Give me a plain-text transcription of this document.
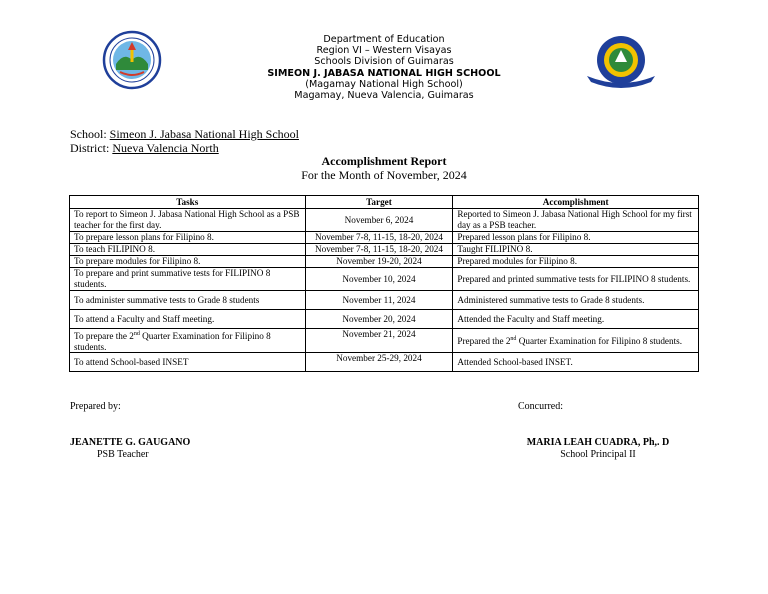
Department of Education
Region VI – Western Visayas
Schools Division of Guimaras
SIMEON J. JABASA NATIONAL HIGH SCHOOL
(Magamay National High School)
Magamay, Nueva Valencia, Guimaras
School: Simeon J. Jabasa National High School
District: Nueva Valencia North
Accomplishment Report
For the Month of November, 2024
Tasks	Target	Accomplishment
To report to Simeon J. Jabasa National High School as a PSB teacher for the first day.	November 6, 2024	Reported to Simeon J. Jabasa National High School for my first day as a PSB teacher.
To prepare lesson plans for Filipino 8.	November 7-8, 11-15, 18-20, 2024	Prepared lesson plans for Filipino 8.
To teach FILIPINO 8.	November 7-8, 11-15, 18-20, 2024	Taught FILIPINO 8.
To prepare modules for Filipino 8.	November 19-20, 2024	Prepared modules for Filipino 8.
To prepare and print summative tests for FILIPINO 8 students.	November 10, 2024	Prepared and printed summative tests for FILIPINO 8 students.
To administer summative tests to Grade 8 students	November 11, 2024	Administered summative tests to Grade 8 students.
To attend a Faculty and Staff meeting.	November 20, 2024	Attended the Faculty and Staff meeting.
To prepare the 2nd Quarter Examination for Filipino 8 students.	November 21, 2024	Prepared the 2nd Quarter Examination for Filipino 8 students.
To attend School-based INSET	November 25-29, 2024	Attended School-based INSET.
Prepared by:	Concurred:
JEANETTE G. GAUGANO
PSB Teacher
MARIA LEAH CUADRA, Ph,. D
School Principal II
